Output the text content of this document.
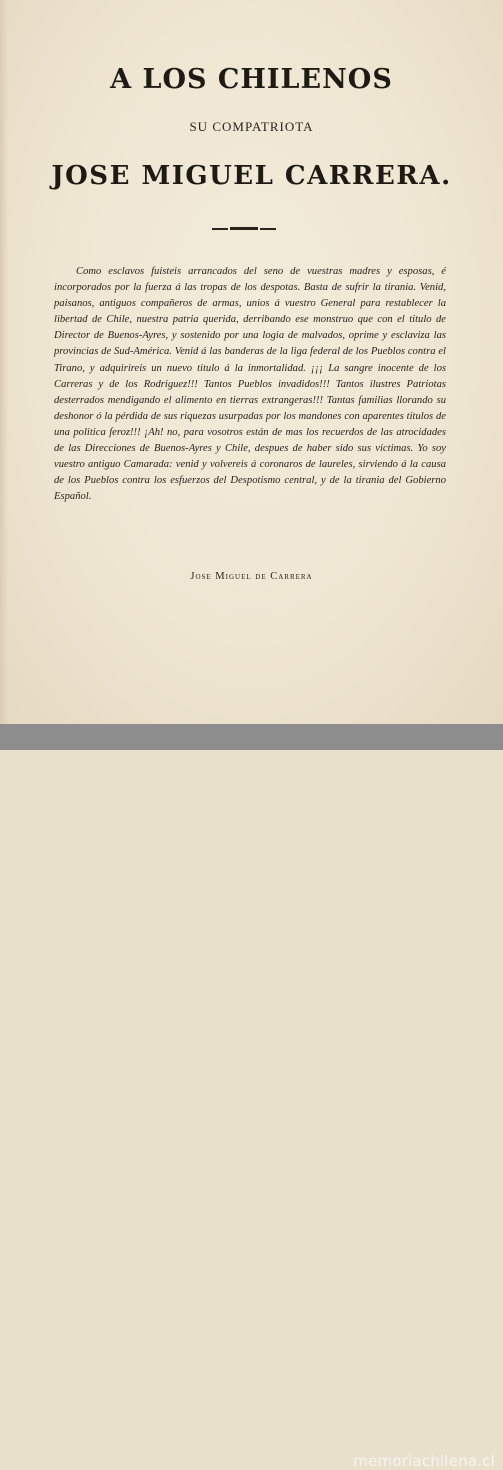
A LOS CHILENOS
SU COMPATRIOTA
JOSE MIGUEL CARRERA.
Como esclavos fuisteis arrancados del seno de vuestras madres y esposas, é incorporados por la fuerza á las tropas de los despotas. Basta de sufrir la tirania. Venid, paisanos, antiguos compañeros de armas, unios á vuestro General para restablecer la libertad de Chile, nuestra patria querida, derribando ese monstruo que con el titulo de Director de Buenos-Ayres, y sostenido por una logia de malvados, oprime y esclaviza las provincias de Sud-América. Venid á las banderas de la liga federal de los Pueblos contra el Tirano, y adquirireis un nuevo titulo á la inmortalidad. ¡¡¡ La sangre inocente de los Carreras y de los Rodriguez!!! Tantos Pueblos invadidos!!! Tantos ilustres Patriotas desterrados mendigando el alimento en tierras extrangeras!!! Tantas familias llorando su deshonor ó la pérdida de sus riquezas usurpadas por los mandones con aparentes titulos de una politica feroz!!! ¡Ah! no, para vosotros están de mas los recuerdos de las atrocidades de las Direcciones de Buenos-Ayres y Chile, despues de haber sido sus victimas. Yo soy vuestro antiguo Camarada: venid y volvereis á coronaros de laureles, sirviendo á la causa de los Pueblos contra los esfuerzos del Despotismo central, y de la tirania del Gobierno Español.
Jose Miguel de Carrera
memoriachilena.cl
